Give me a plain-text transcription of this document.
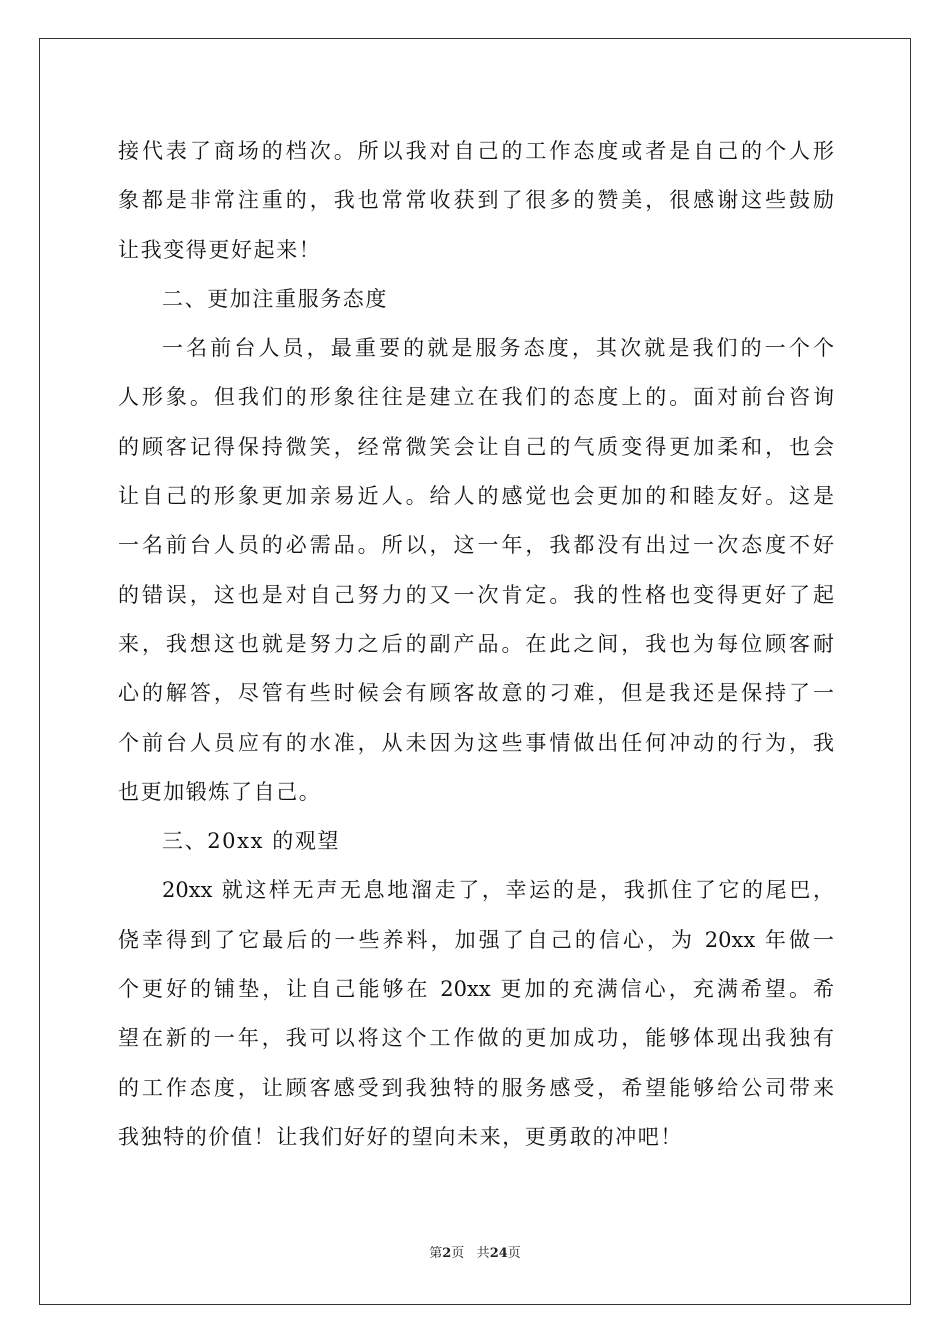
接代表了商场的档次。所以我对自己的工作态度或者是自己的个人形
象都是非常注重的，我也常常收获到了很多的赞美，很感谢这些鼓励
让我变得更好起来！
二、更加注重服务态度
一名前台人员，最重要的就是服务态度，其次就是我们的一个个
人形象。但我们的形象往往是建立在我们的态度上的。面对前台咨询
的顾客记得保持微笑，经常微笑会让自己的气质变得更加柔和，也会
让自己的形象更加亲易近人。给人的感觉也会更加的和睦友好。这是
一名前台人员的必需品。所以，这一年，我都没有出过一次态度不好
的错误，这也是对自己努力的又一次肯定。我的性格也变得更好了起
来，我想这也就是努力之后的副产品。在此之间，我也为每位顾客耐
心的解答，尽管有些时候会有顾客故意的刁难，但是我还是保持了一
个前台人员应有的水准，从未因为这些事情做出任何冲动的行为，我
也更加锻炼了自己。
三、20xx 的观望
20xx 就这样无声无息地溜走了，幸运的是，我抓住了它的尾巴，
侥幸得到了它最后的一些养料，加强了自己的信心，为 20xx 年做一
个更好的铺垫，让自己能够在 20xx 更加的充满信心，充满希望。希
望在新的一年，我可以将这个工作做的更加成功，能够体现出我独有
的工作态度，让顾客感受到我独特的服务感受，希望能够给公司带来
我独特的价值！让我们好好的望向未来，更勇敢的冲吧！
第2页 共24页
